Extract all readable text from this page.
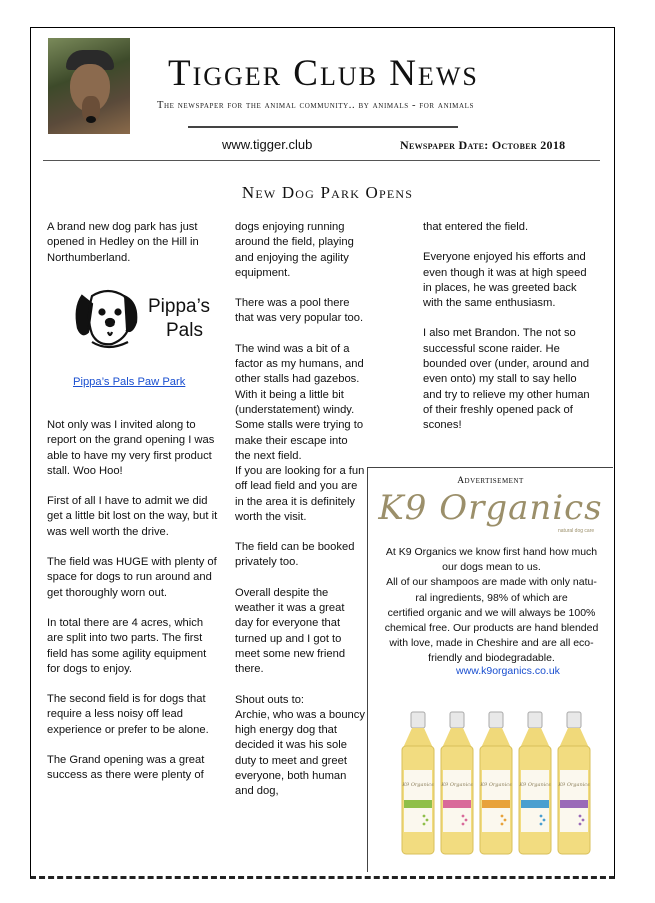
Tigger Club News
The newspaper for the animal community.. by animals - for animals
www.tigger.club	Newspaper Date: October 2018
New Dog Park Opens

A brand new dog park has just opened in Hedley on the Hill in Northumberland.

Pippa’s
Pals
Pippa’s Pals Paw Park

Not only was I invited along to report on the grand opening I was able to have my very first product stall. Woo Hoo!

First of all I have to admit we did get a little bit lost on the way, but it was well worth the drive.

The field was HUGE with plenty of space for dogs to run around and get thoroughly worn out.

In total there are 4 acres, which are split into two parts. The first field has some agility equipment for dogs to enjoy.

The second field is for dogs that require a less noisy off lead experience or prefer to be alone.

The Grand opening was a great success as there were plenty of

dogs enjoying running around the field, playing and enjoying the agility equipment.

There was a pool there that was very popular too.

The wind was a bit of a factor as my humans, and other stalls had gazebos. With it being a little bit (understatement) windy. Some stalls were trying to make their escape into the next field.

If you are looking for a fun off lead field and you are in the area it is definitely worth the visit.

The field can be booked
privately too.

Overall despite the weather it was a great day for everyone that turned up and I got to meet some new friend there.

Shout outs to:
Archie, who was a bouncy high energy dog that decided it was his sole duty to meet and greet everyone, both human and dog,

that entered the field.

Everyone enjoyed his efforts and even though it was at high speed in places, he was greeted back with the same enthusiasm.

I also met Brandon. The not so successful scone raider. He bounded over (under, around and even onto) my stall to say hello and try to relieve my other human of their freshly opened pack of scones!

Advertisement
K9 Organics
natural dog care
At K9 Organics we know first hand how much
our dogs mean to us.
All of our shampoos are made with only natu-
ral ingredients, 98% of which are
certified organic and we will always be 100%
chemical free. Our products are hand blended
with love, made in Cheshire and are all eco-
friendly and biodegradable.
www.k9organics.co.uk
K9 Organics K9 Organics K9 Organics K9 Organics K9 Organics
